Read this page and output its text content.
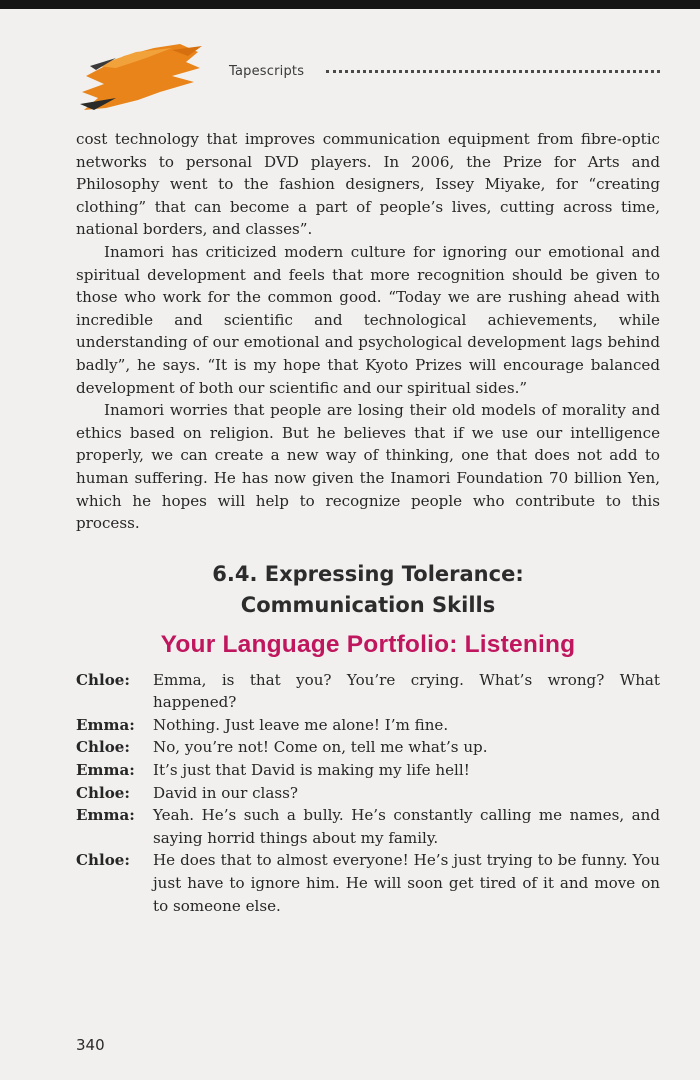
Tapescripts

cost technology that improves communication equipment from fibre-optic networks to personal DVD players. In 2006, the Prize for Arts and Philosophy went to the fashion designers, Issey Miyake, for “creating clothing” that can become a part of people’s lives, cutting across time, national borders, and classes”.

Inamori has criticized modern culture for ignoring our emotional and spiritual development and feels that more recognition should be given to those who work for the common good. “Today we are rushing ahead with incredible and scientific and technological achievements, while understanding of our emotional and psychological development lags behind badly”, he says. “It is my hope that Kyoto Prizes will encourage balanced development of both our scientific and our spiritual sides.”

Inamori worries that people are losing their old models of morality and ethics based on religion. But he believes that if we use our intelligence properly, we can create a new way of thinking, one that does not add to human suffering. He has now given the Inamori Foundation 70 billion Yen, which he hopes will help to recognize people who contribute to this process.

6.4. Expressing Tolerance:
Communication Skills
Your Language Portfolio: Listening
Chloe:	Emma, is that you? You’re crying. What’s wrong? What happened?
Emma:	Nothing. Just leave me alone! I’m fine.
Chloe:	No, you’re not! Come on, tell me what’s up.
Emma:	It’s just that David is making my life hell!
Chloe:	David in our class?
Emma:	Yeah. He’s such a bully. He’s constantly calling me names, and saying horrid things about my family.
Chloe:	He does that to almost everyone! He’s just trying to be funny. You just have to ignore him. He will soon get tired of it and move on to someone else.
340
